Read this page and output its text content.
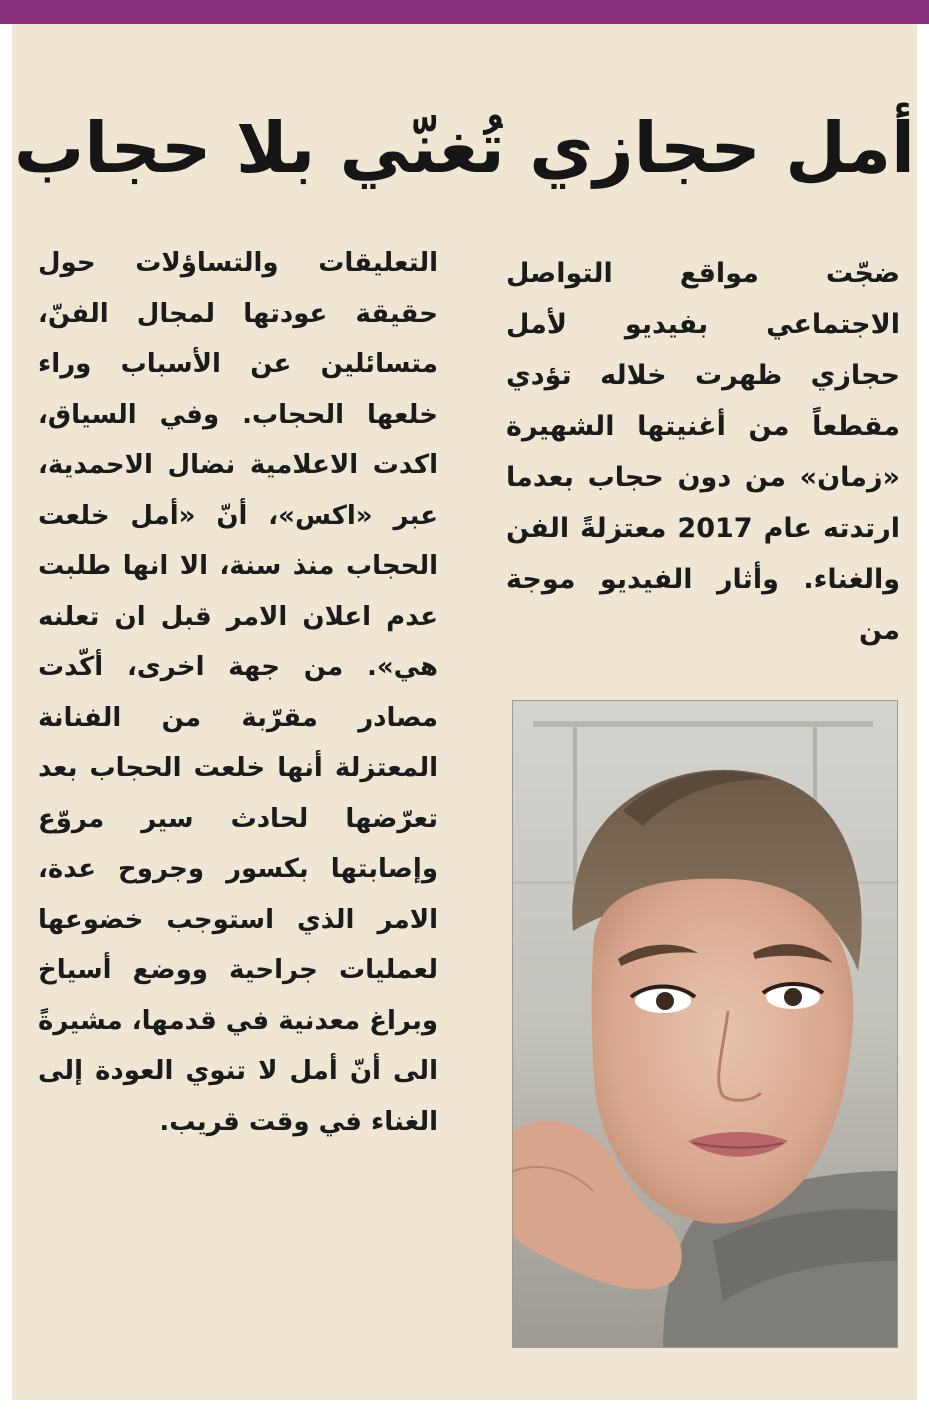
أمل حجازي تُغنّي بلا حجاب

ضجّت مواقع التواصل الاجتماعي بفيديو لأمل حجازي ظهرت خلاله تؤدي مقطعاً من أغنيتها الشهيرة «زمان» من دون حجاب بعدما ارتدته عام 2017 معتزلةً الفن والغناء. وأثار الفيديو موجة من

التعليقات والتساؤلات حول حقيقة عودتها لمجال الفنّ، متسائلين عن الأسباب وراء خلعها الحجاب. وفي السياق، اكدت الاعلامية نضال الاحمدية، عبر «اكس»، أنّ «أمل خلعت الحجاب منذ سنة، الا انها طلبت عدم اعلان الامر قبل ان تعلنه هي». من جهة اخرى، أكّدت مصادر مقرّبة من الفنانة المعتزلة أنها خلعت الحجاب بعد تعرّضها لحادث سير مروّع وإصابتها بكسور وجروح عدة، الامر الذي استوجب خضوعها لعمليات جراحية ووضع أسياخ وبراغ معدنية في قدمها، مشيرةً الى أنّ أمل لا تنوي العودة إلى الغناء في وقت قريب.
